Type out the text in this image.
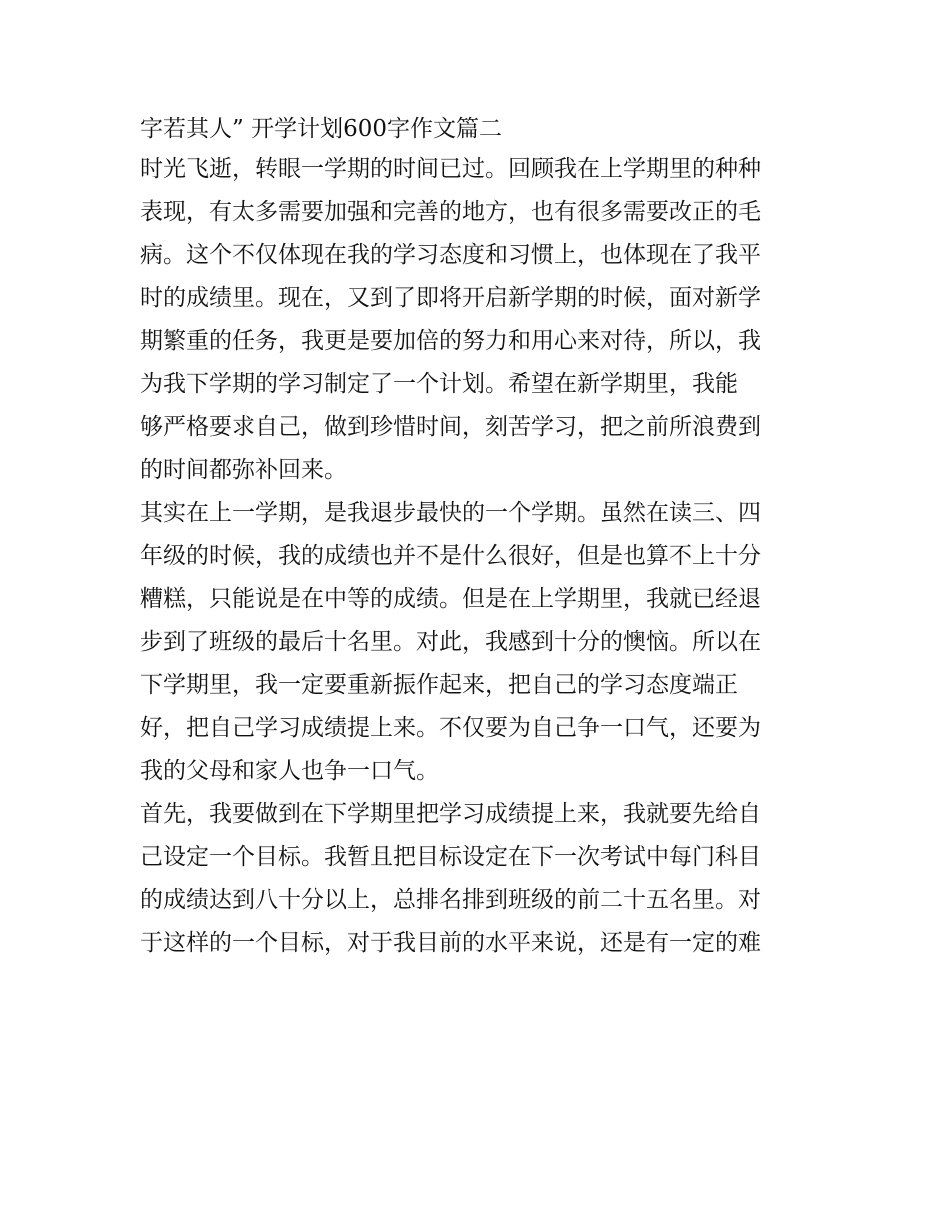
字若其人” 开学计划600字作文篇二
时光飞逝，转眼一学期的时间已过。回顾我在上学期里的种种
表现，有太多需要加强和完善的地方，也有很多需要改正的毛
病。这个不仅体现在我的学习态度和习惯上，也体现在了我平
时的成绩里。现在，又到了即将开启新学期的时候，面对新学
期繁重的任务，我更是要加倍的努力和用心来对待，所以，我
为我下学期的学习制定了一个计划。希望在新学期里，我能
够严格要求自己，做到珍惜时间，刻苦学习，把之前所浪费到
的时间都弥补回来。
其实在上一学期，是我退步最快的一个学期。虽然在读三、四
年级的时候，我的成绩也并不是什么很好，但是也算不上十分
糟糕，只能说是在中等的成绩。但是在上学期里，我就已经退
步到了班级的最后十名里。对此，我感到十分的懊恼。所以在
下学期里，我一定要重新振作起来，把自己的学习态度端正
好，把自己学习成绩提上来。不仅要为自己争一口气，还要为
我的父母和家人也争一口气。
首先，我要做到在下学期里把学习成绩提上来，我就要先给自
己设定一个目标。我暂且把目标设定在下一次考试中每门科目
的成绩达到八十分以上，总排名排到班级的前二十五名里。对
于这样的一个目标，对于我目前的水平来说，还是有一定的难
